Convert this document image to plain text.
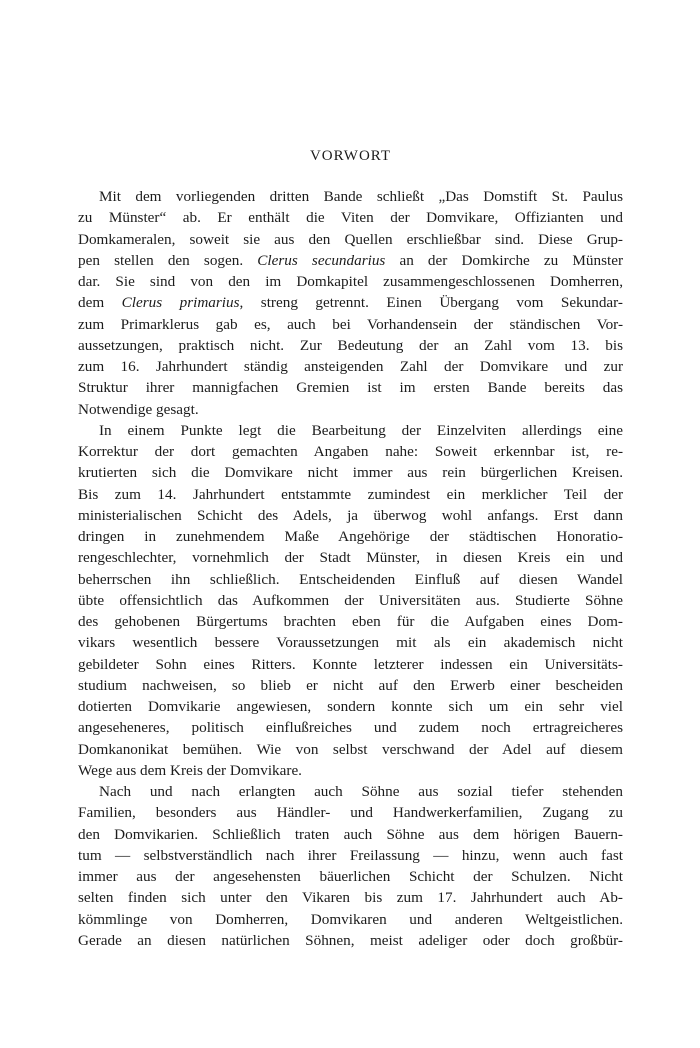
VORWORT
Mit dem vorliegenden dritten Bande schließt „Das Domstift St. Paulus
zu Münster“ ab. Er enthält die Viten der Domvikare, Offizianten und
Domkameralen, soweit sie aus den Quellen erschließbar sind. Diese Grup-
pen stellen den sogen. Clerus secundarius an der Domkirche zu Münster
dar. Sie sind von den im Domkapitel zusammengeschlossenen Domherren,
dem Clerus primarius, streng getrennt. Einen Übergang vom Sekundar-
zum Primarklerus gab es, auch bei Vorhandensein der ständischen Vor-
aussetzungen, praktisch nicht. Zur Bedeutung der an Zahl vom 13. bis
zum 16. Jahrhundert ständig ansteigenden Zahl der Domvikare und zur
Struktur ihrer mannigfachen Gremien ist im ersten Bande bereits das
Notwendige gesagt.
In einem Punkte legt die Bearbeitung der Einzelviten allerdings eine
Korrektur der dort gemachten Angaben nahe: Soweit erkennbar ist, re-
krutierten sich die Domvikare nicht immer aus rein bürgerlichen Kreisen.
Bis zum 14. Jahrhundert entstammte zumindest ein merklicher Teil der
ministerialischen Schicht des Adels, ja überwog wohl anfangs. Erst dann
dringen in zunehmendem Maße Angehörige der städtischen Honoratio-
rengeschlechter, vornehmlich der Stadt Münster, in diesen Kreis ein und
beherrschen ihn schließlich. Entscheidenden Einfluß auf diesen Wandel
übte offensichtlich das Aufkommen der Universitäten aus. Studierte Söhne
des gehobenen Bürgertums brachten eben für die Aufgaben eines Dom-
vikars wesentlich bessere Voraussetzungen mit als ein akademisch nicht
gebildeter Sohn eines Ritters. Konnte letzterer indessen ein Universitäts-
studium nachweisen, so blieb er nicht auf den Erwerb einer bescheiden
dotierten Domvikarie angewiesen, sondern konnte sich um ein sehr viel
angeseheneres, politisch einflußreiches und zudem noch ertragreicheres
Domkanonikat bemühen. Wie von selbst verschwand der Adel auf diesem
Wege aus dem Kreis der Domvikare.
Nach und nach erlangten auch Söhne aus sozial tiefer stehenden
Familien, besonders aus Händler- und Handwerkerfamilien, Zugang zu
den Domvikarien. Schließlich traten auch Söhne aus dem hörigen Bauern-
tum — selbstverständlich nach ihrer Freilassung — hinzu, wenn auch fast
immer aus der angesehensten bäuerlichen Schicht der Schulzen. Nicht
selten finden sich unter den Vikaren bis zum 17. Jahrhundert auch Ab-
kömmlinge von Domherren, Domvikaren und anderen Weltgeistlichen.
Gerade an diesen natürlichen Söhnen, meist adeliger oder doch großbür-
